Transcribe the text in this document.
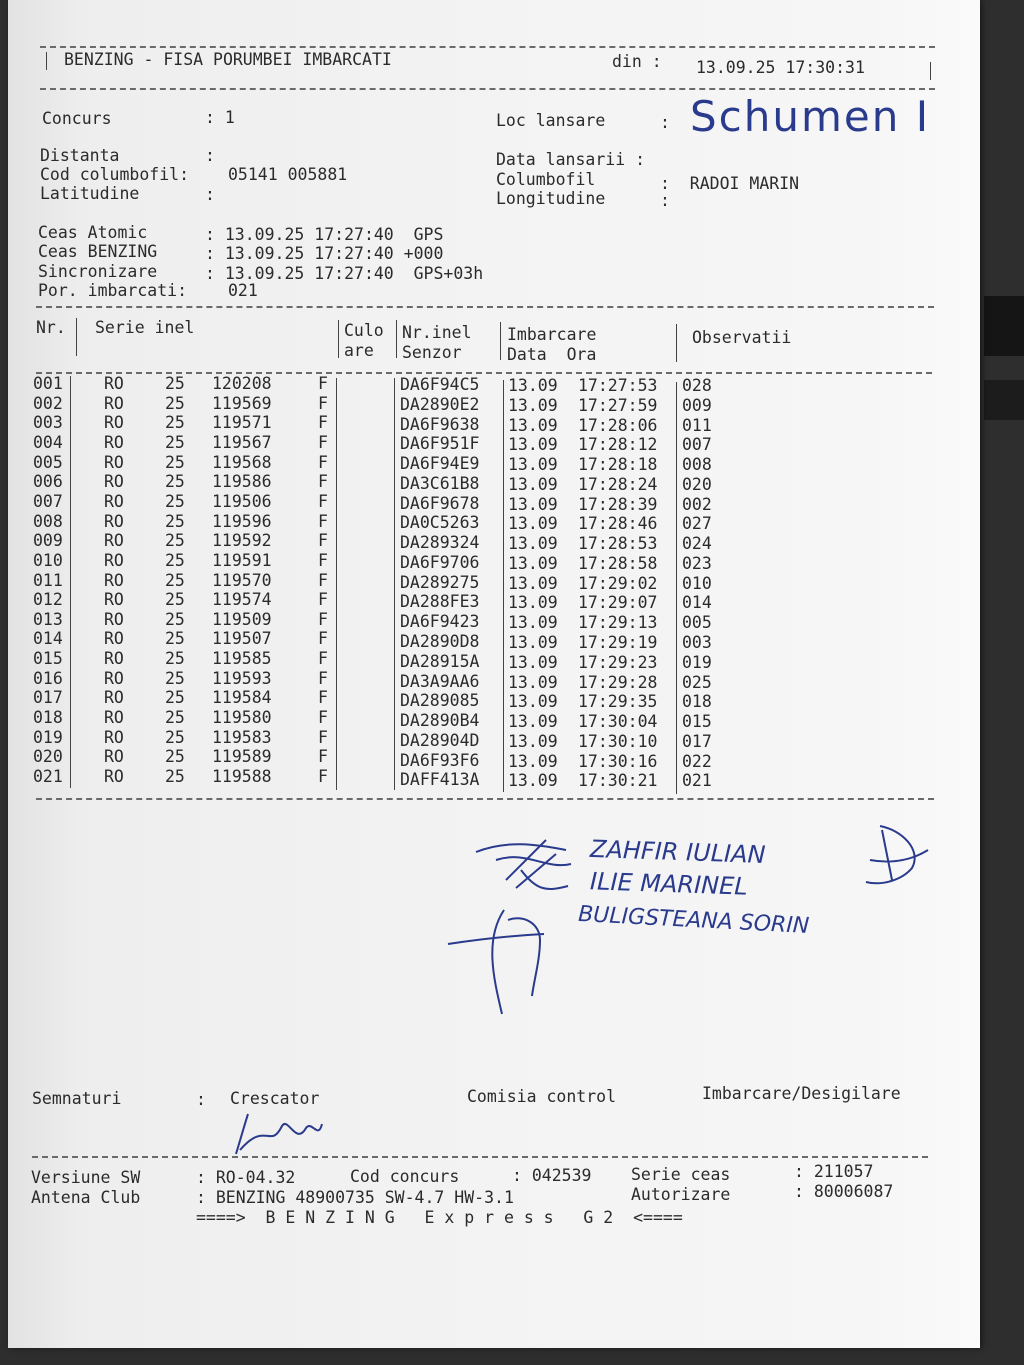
BENZING - FISA PORUMBEI IMBARCATI	din : 13.09.25 17:30:31
Concurs	: 1	Loc lansare	: Schumen I
Distanta	:	Data lansarii :
Cod columbofil: 05141 005881	Columbofil	:  RADOI MARIN
Latitudine	:	Longitudine	:
Ceas Atomic	: 13.09.25 17:27:40  GPS
Ceas BENZING	: 13.09.25 17:27:40 +000
Sincronizare	: 13.09.25 17:27:40  GPS+03h
Por. imbarcati: 021
Nr. Serie inel	Culo
are
Nr.inel
Senzor
Imbarcare
Data  Ora
Observatii
001 RO 25 120208	F	DA6F94C5 13.09 17:27:53 028
002 RO 25 119569	F	DA2890E2 13.09 17:27:59 009
003 RO 25 119571	F	DA6F9638 13.09 17:28:06 011
004 RO 25 119567	F	DA6F951F 13.09 17:28:12 007
005 RO 25 119568	F	DA6F94E9 13.09 17:28:18 008
006 RO 25 119586	F	DA3C61B8 13.09 17:28:24 020
007 RO 25 119506	F	DA6F9678 13.09 17:28:39 002
008 RO 25 119596	F	DA0C5263 13.09 17:28:46 027
009 RO 25 119592	F	DA289324 13.09 17:28:53 024
010 RO 25 119591	F	DA6F9706 13.09 17:28:58 023
011 RO 25 119570	F	DA289275 13.09 17:29:02 010
012 RO 25 119574	F	DA288FE3 13.09 17:29:07 014
013 RO 25 119509	F	DA6F9423 13.09 17:29:13 005
014 RO 25 119507	F	DA2890D8 13.09 17:29:19 003
015 RO 25 119585	F	DA28915A 13.09 17:29:23 019
016 RO 25 119593	F	DA3A9AA6 13.09 17:29:28 025
017 RO 25 119584	F	DA289085 13.09 17:29:35 018
018 RO 25 119580	F	DA2890B4 13.09 17:30:04 015
019 RO 25 119583	F	DA28904D 13.09 17:30:10 017
020 RO 25 119589	F	DA6F93F6 13.09 17:30:16 022
021 RO 25 119588	F	DAFF413A 13.09 17:30:21 021
ZAHFIR IULIAN
ILIE MARINEL
BULIGSTEANA SORIN
Semnaturi	: Crescator	Comisia control	Imbarcare/Desigilare
Versiune SW	: RO-04.32	Cod concurs	: 042539 Serie ceas	: 211057
Antena Club	: BENZING 48900735 SW-4.7 HW-3.1	Autorizare	: 80006087
====>  B E N Z I N G   E x p r e s s   G 2  <====
